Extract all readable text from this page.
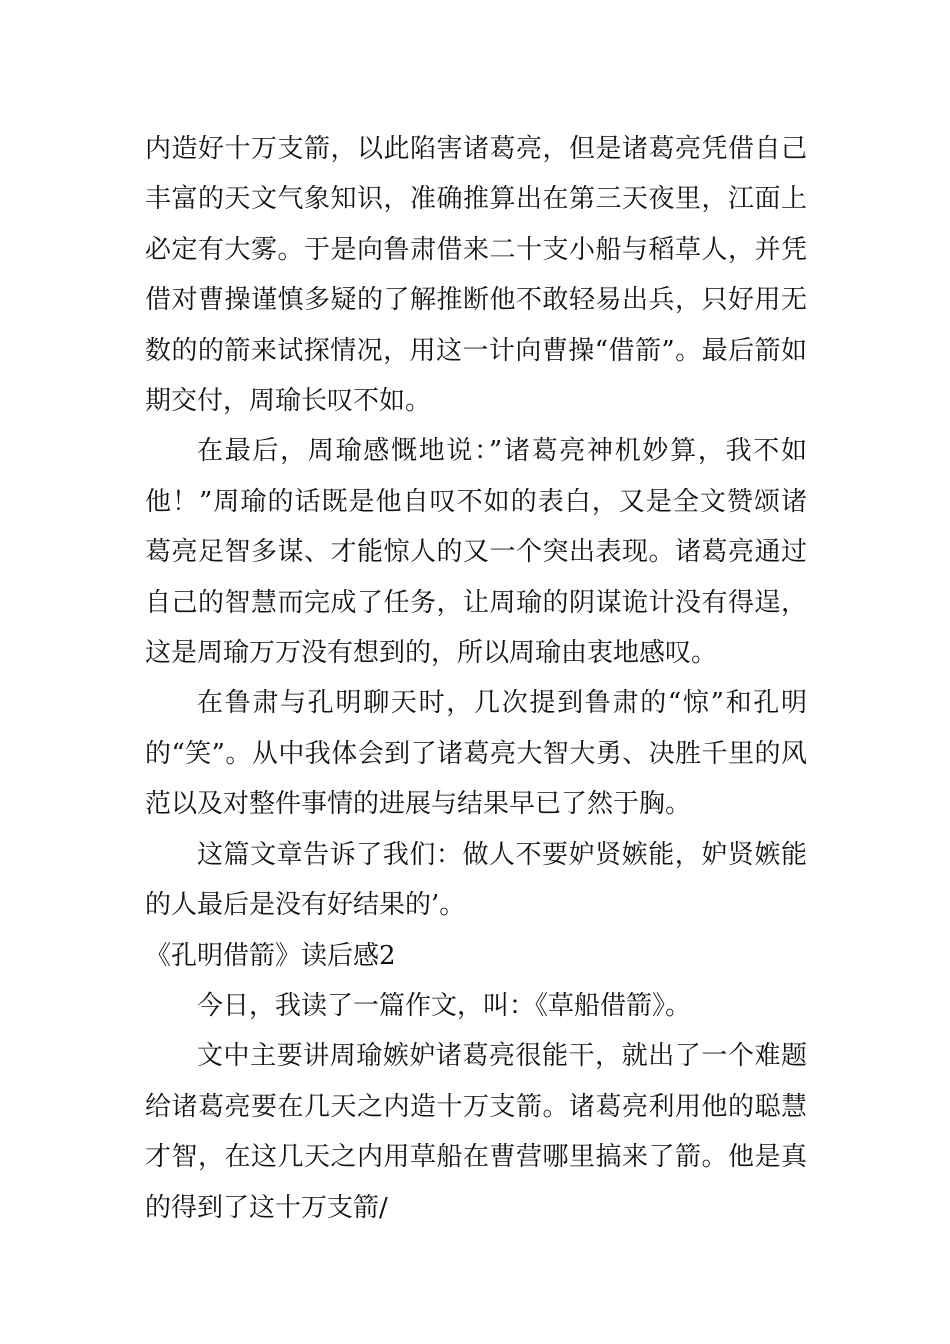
内造好十万支箭，以此陷害诸葛亮，但是诸葛亮凭借自己丰富的天文气象知识，准确推算出在第三天夜里，江面上必定有大雾。于是向鲁肃借来二十支小船与稻草人，并凭借对曹操谨慎多疑的了解推断他不敢轻易出兵，只好用无数的的箭来试探情况，用这一计向曹操“借箭”。最后箭如期交付，周瑜长叹不如。

在最后，周瑜感慨地说：”诸葛亮神机妙算，我不如他！”周瑜的话既是他自叹不如的表白，又是全文赞颂诸葛亮足智多谋、才能惊人的又一个突出表现。诸葛亮通过自己的智慧而完成了任务，让周瑜的阴谋诡计没有得逞，这是周瑜万万没有想到的，所以周瑜由衷地感叹。

在鲁肃与孔明聊天时，几次提到鲁肃的“惊”和孔明的“笑”。从中我体会到了诸葛亮大智大勇、决胜千里的风范以及对整件事情的进展与结果早已了然于胸。

这篇文章告诉了我们：做人不要妒贤嫉能，妒贤嫉能的人最后是没有好结果的’。

《孔明借箭》读后感2

今日，我读了一篇作文，叫：《草船借箭》。

文中主要讲周瑜嫉妒诸葛亮很能干，就出了一个难题给诸葛亮要在几天之内造十万支箭。诸葛亮利用他的聪慧才智，在这几天之内用草船在曹营哪里搞来了箭。他是真的得到了这十万支箭/
